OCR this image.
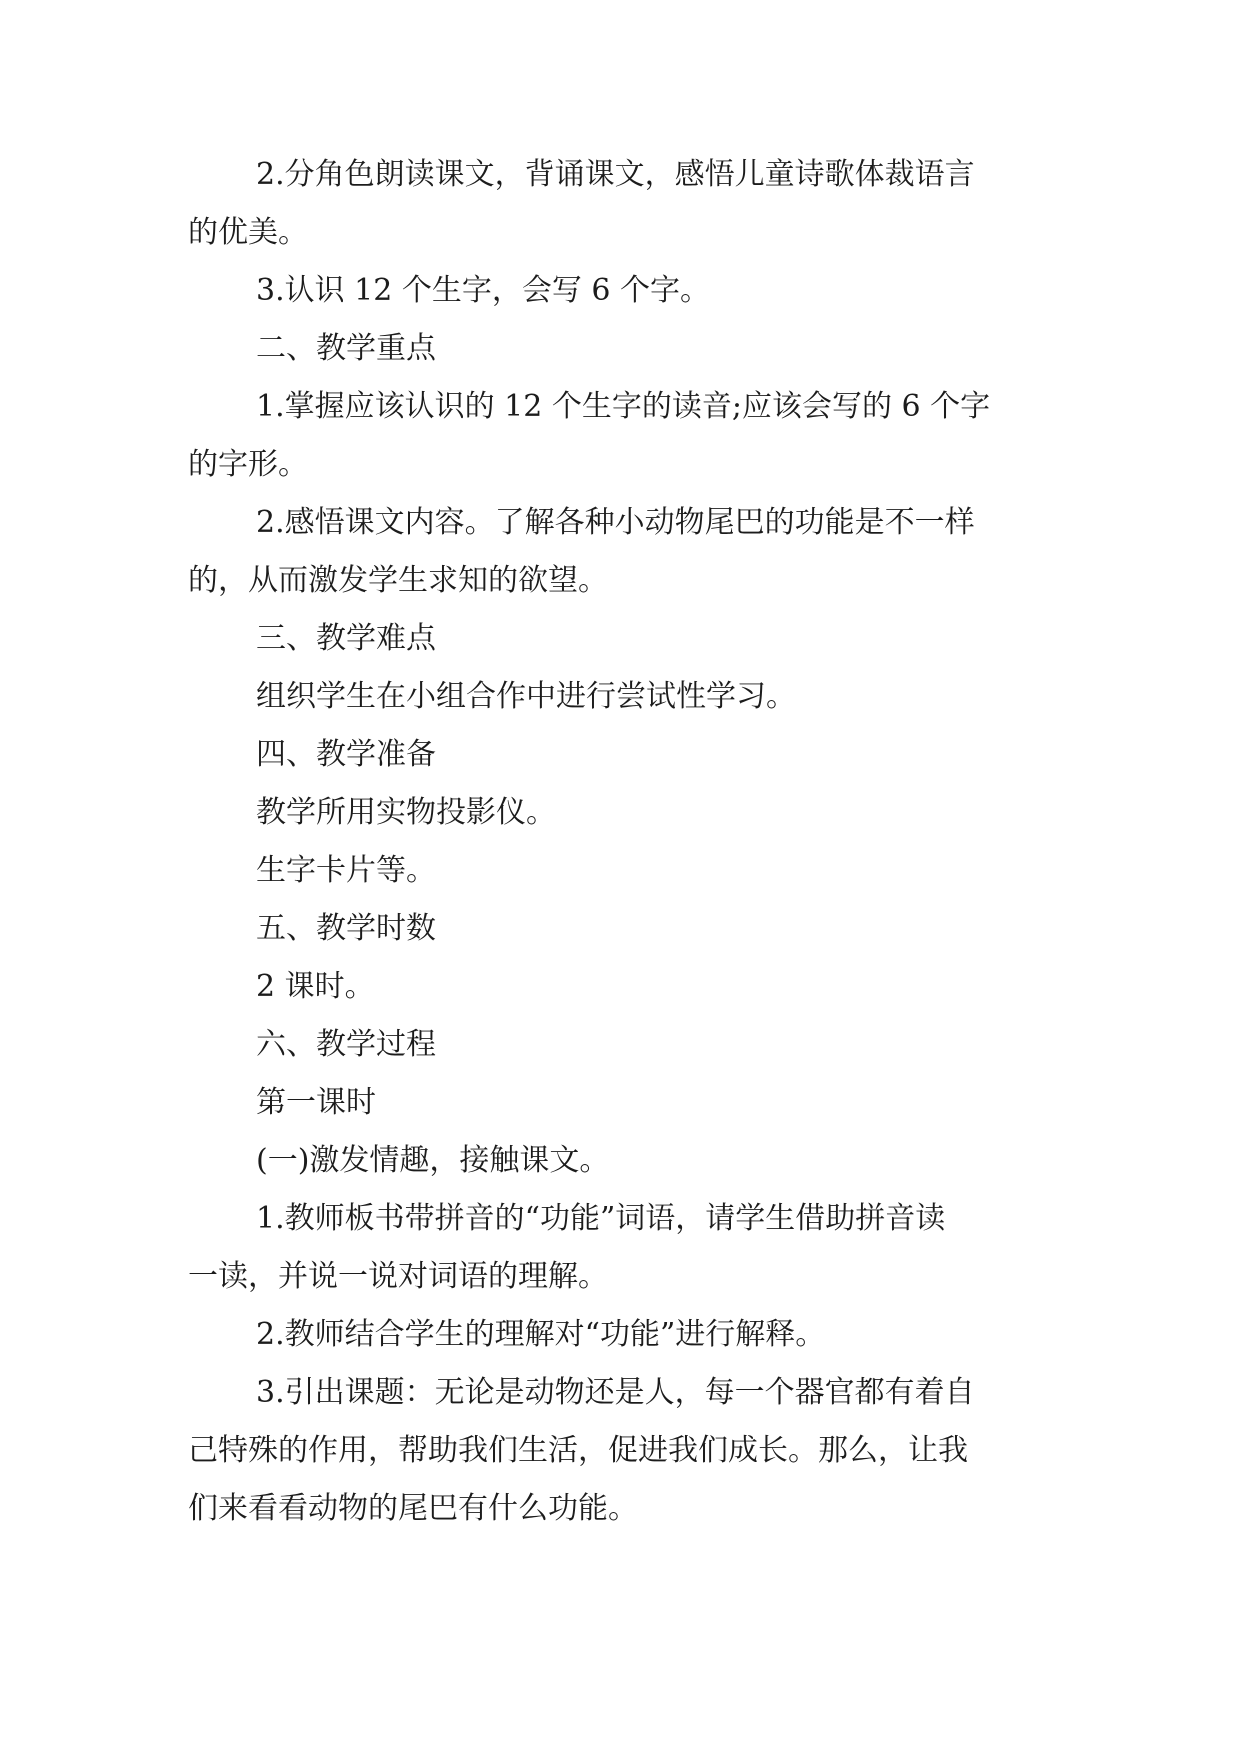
2.分角色朗读课文，背诵课文，感悟儿童诗歌体裁语言
的优美。
3.认识 12 个生字，会写 6 个字。
二、教学重点
1.掌握应该认识的 12 个生字的读音;应该会写的 6 个字
的字形。
2.感悟课文内容。了解各种小动物尾巴的功能是不一样
的，从而激发学生求知的欲望。
三、教学难点
组织学生在小组合作中进行尝试性学习。
四、教学准备
教学所用实物投影仪。
生字卡片等。
五、教学时数
2 课时。
六、教学过程
第一课时
(一)激发情趣，接触课文。
1.教师板书带拼音的“功能”词语，请学生借助拼音读
一读，并说一说对词语的理解。
2.教师结合学生的理解对“功能”进行解释。
3.引出课题：无论是动物还是人，每一个器官都有着自
己特殊的作用，帮助我们生活，促进我们成长。那么，让我
们来看看动物的尾巴有什么功能。
